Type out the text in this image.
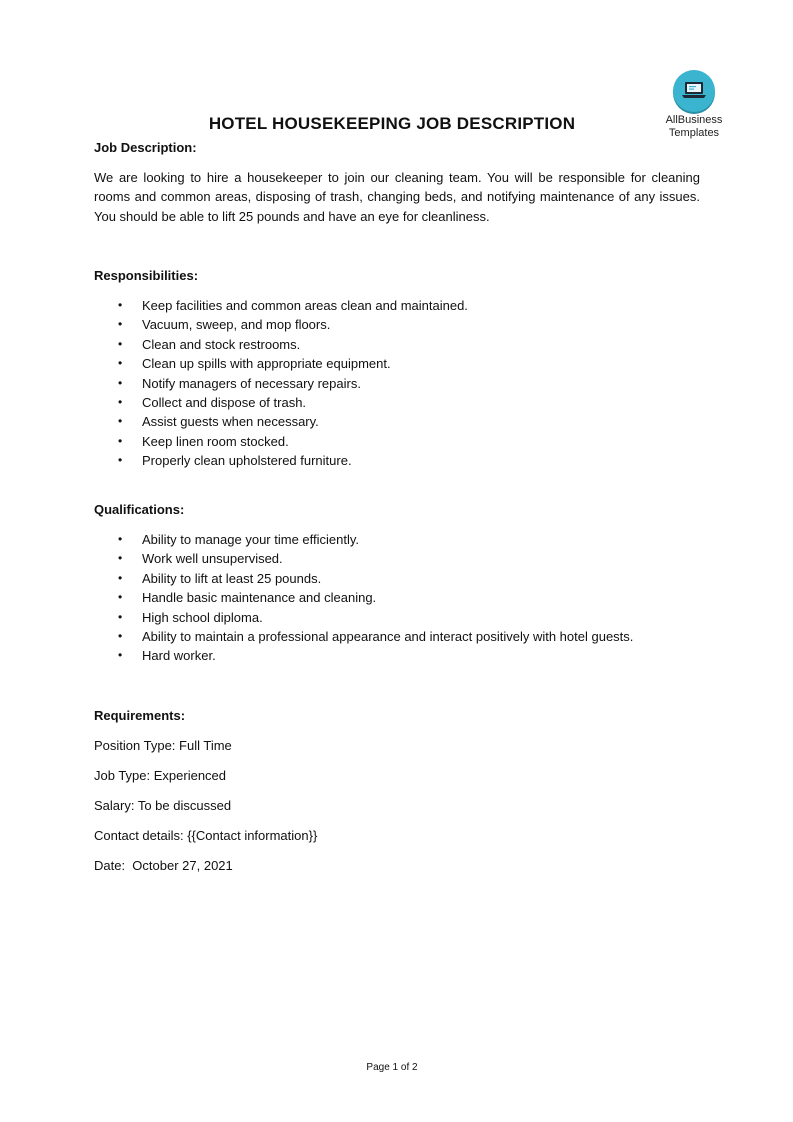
AllBusiness
Templates
HOTEL HOUSEKEEPING JOB DESCRIPTION
Job Description:
We are looking to hire a housekeeper to join our cleaning team. You will be responsible for cleaning rooms and common areas, disposing of trash, changing beds, and notifying maintenance of any issues. You should be able to lift 25 pounds and have an eye for cleanliness.
Responsibilities:
• Keep facilities and common areas clean and maintained.
• Vacuum, sweep, and mop floors.
• Clean and stock restrooms.
• Clean up spills with appropriate equipment.
• Notify managers of necessary repairs.
• Collect and dispose of trash.
• Assist guests when necessary.
• Keep linen room stocked.
• Properly clean upholstered furniture.
Qualifications:
• Ability to manage your time efficiently.
• Work well unsupervised.
• Ability to lift at least 25 pounds.
• Handle basic maintenance and cleaning.
• High school diploma.
• Ability to maintain a professional appearance and interact positively with hotel guests.
• Hard worker.
Requirements:
Position Type: Full Time
Job Type: Experienced
Salary: To be discussed
Contact details: {{Contact information}}
Date:  October 27, 2021
Page 1 of 2
